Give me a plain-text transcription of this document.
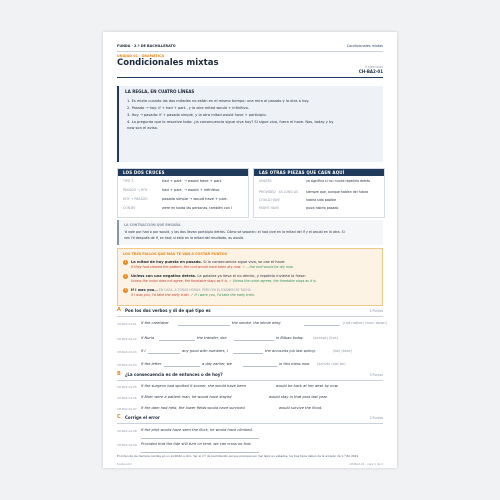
FUNDA · 2.º DE BACHILLERATO	Condicionales mixtas
UNIDAD 01 · GRAMÁTICA
Condicionales mixtas	9 ejercicios
CH-BA2-01
LA REGLA, EN CUATRO LÍNEAS
1. Es mixta cuando las dos mitades no están en el mismo tiempo: una mira al pasado y la otra a hoy.
2. Pasado → hoy: if + had + part., y la otra mitad would + infinitivo.
3. Hoy → pasado: if + pasado simple, y la otra mitad would have + participio.
4. La pregunta que lo resuelve todo: ¿la consecuencia sigue viva hoy? Si sigue viva, fuera el have. Nos, today y by
now son el aviso.
LOS DOS CRUCES
TIPO 3	had + part. → would have + part.
PASADO → HOY	had + part. → would + infinitivo
HOY → PASADO	pasado simple → would have + part.
CON BE	were en todas las personas, también con I
LAS OTRAS PIEZAS QUE CAEN AQUÍ
UNLESS	ya significa si no: nunca repetirlo detrás
PROVIDED · AS LONG AS siempre que, aunque hablen del futuro
COULD HAVE	habría sido posible
MIGHT HAVE	quizá habría pasado
LA CONTRACCIÓN QUE ENGAÑA
'd vale por had o por would, y las dos llevan participio detrás. Cómo se separan: el had vive en la mitad del if y el would en la otra. Si
ves I'd después de if, es had; si está en la mitad del resultado, es would.
LOS TRES FALLOS QUE MÁS TE VAN A COSTAR PUNTOS
1	La mitad de hoy puesta en pasado. Si la consecuencia sigue viva, se cae el have:
If they had cleared the pattern, the roof would have been dry now. ✓ …the roof would be dry now.
2	Unless con una negativa detrás. La palabra ya lleva el no dentro, y repetirlo invierte la frase:
Unless the union does not agree, the timetable stays as it is. ✓ Unless the union agrees, the timetable stays as it is.
3	If I was you… EN CASA, A TODAS HORAS, PERO EN EL EXAMEN SE TACHA
If I was you, I'd take the early train. ✓ If I were you, I'd take the early train.
A Pon los dos verbos y di de qué tipo es	4 Puntos
CH-BA2-01-01 If the caretaker	the smoke, the whole wing	(not notice) (burn down)
CH-BA2-01-02 If Nuria	the transfer, she	in Bilbao today.	(accept) (live)
CH-BA2-01-03 If I	any good with numbers, I	the accounts job last spring.	(be) (take)
CH-BA2-01-04 If the letter	a day earlier, we	in this mess now. (arrive) (not be)
B ¿La consecuencia es de entonces o de hoy?	3 Puntos
CH-BA2-01-05 If the surgeon had spotted it sooner, she would have been	would be back at her desk by now.
CH-BA2-01-06 If Marc were a patient man, he would have stayed	would stay in that post last year.
CH-BA2-01-07 If the dam had held, the lower fields would have survived	would survive the flood.
C Corrige el error	2 Puntos
CH-BA2-01-08 If the pilot would have seen the flock, he would have climbed.
CH-BA2-01-09 Provided that the tide still turn on time, we can cross on foot.
El orden de los tiempos cambia en un instituto a otro. Ver el 2.º de bachillerato porque precupan en mal lápiz en sábados, los tres tipos deben de la emisión de 1.º BA 2024.
funda.com	CH-BA2-01 · cara 1 de 2
